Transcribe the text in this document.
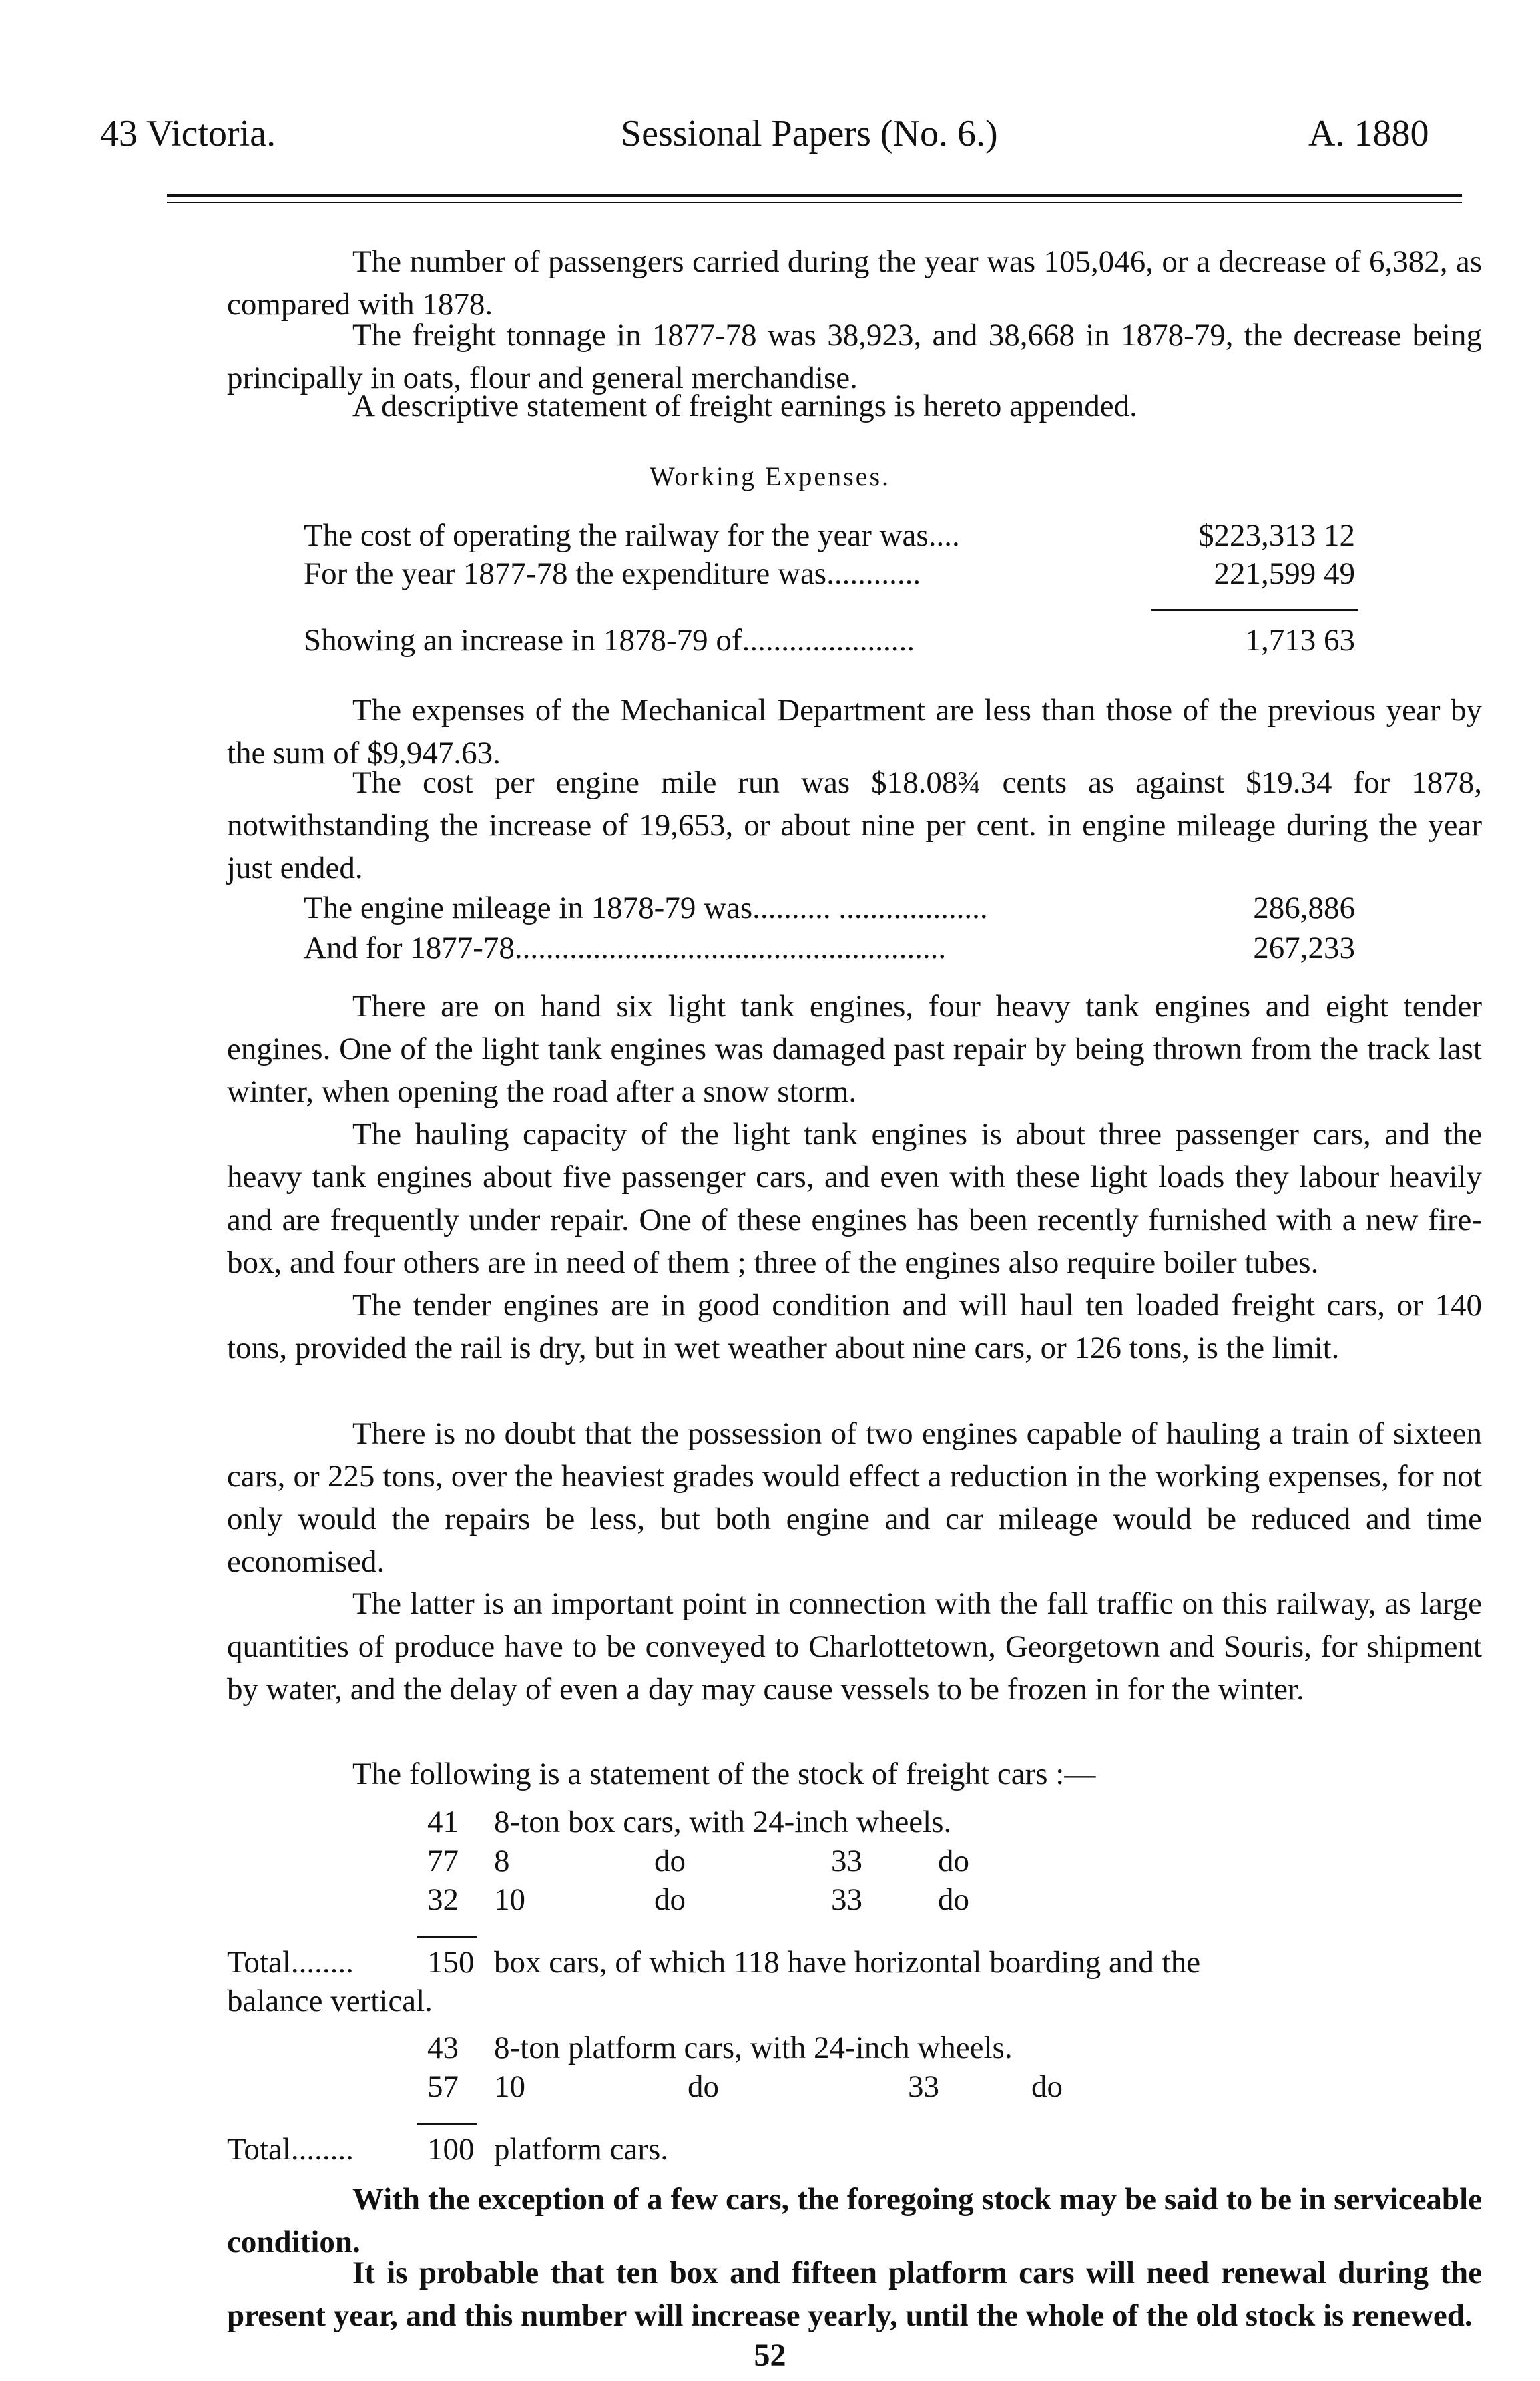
43 Victoria.	Sessional Papers (No. 6.)	A. 1880

The number of passengers carried during the year was 105,046, or a decrease of 6,382, as compared with 1878.

The freight tonnage in 1877-78 was 38,923, and 38,668 in 1878-79, the decrease being principally in oats, flour and general merchandise.

A descriptive statement of freight earnings is hereto appended.

Working Expenses.
The cost of operating the railway for the year was....	$223,313 12
For the year 1877-78 the expenditure was............	221,599 49
Showing an increase in 1878-79 of......................	1,713 63

The expenses of the Mechanical Department are less than those of the previous year by the sum of $9,947.63.

The cost per engine mile run was $18.08¾ cents as against $19.34 for 1878, notwithstanding the increase of 19,653, or about nine per cent. in engine mileage during the year just ended.

The engine mileage in 1878-79 was.......... ...................	286,886
And for 1877-78.......................................................	267,233

There are on hand six light tank engines, four heavy tank engines and eight tender engines. One of the light tank engines was damaged past repair by being thrown from the track last winter, when opening the road after a snow storm.

The hauling capacity of the light tank engines is about three passenger cars, and the heavy tank engines about five passenger cars, and even with these light loads they labour heavily and are frequently under repair. One of these engines has been recently furnished with a new fire-box, and four others are in need of them ; three of the engines also require boiler tubes.

The tender engines are in good condition and will haul ten loaded freight cars, or 140 tons, provided the rail is dry, but in wet weather about nine cars, or 126 tons, is the limit.

There is no doubt that the possession of two engines capable of hauling a train of sixteen cars, or 225 tons, over the heaviest grades would effect a reduction in the working expenses, for not only would the repairs be less, but both engine and car mileage would be reduced and time economised.

The latter is an important point in connection with the fall traffic on this railway, as large quantities of produce have to be conveyed to Charlottetown, Georgetown and Souris, for shipment by water, and the delay of even a day may cause vessels to be frozen in for the winter.

The following is a statement of the stock of freight cars :—

41 8-ton box cars, with 24-inch wheels.
77 8	do	33 do
32 10	do	33 do
Total........ 150 box cars, of which 118 have horizontal boarding and the
balance vertical.
43 8-ton platform cars, with 24-inch wheels.
57 10	do	33	do
Total........ 100 platform cars.

With the exception of a few cars, the foregoing stock may be said to be in serviceable condition.

It is probable that ten box and fifteen platform cars will need renewal during the present year, and this number will increase yearly, until the whole of the old stock is renewed.

52
